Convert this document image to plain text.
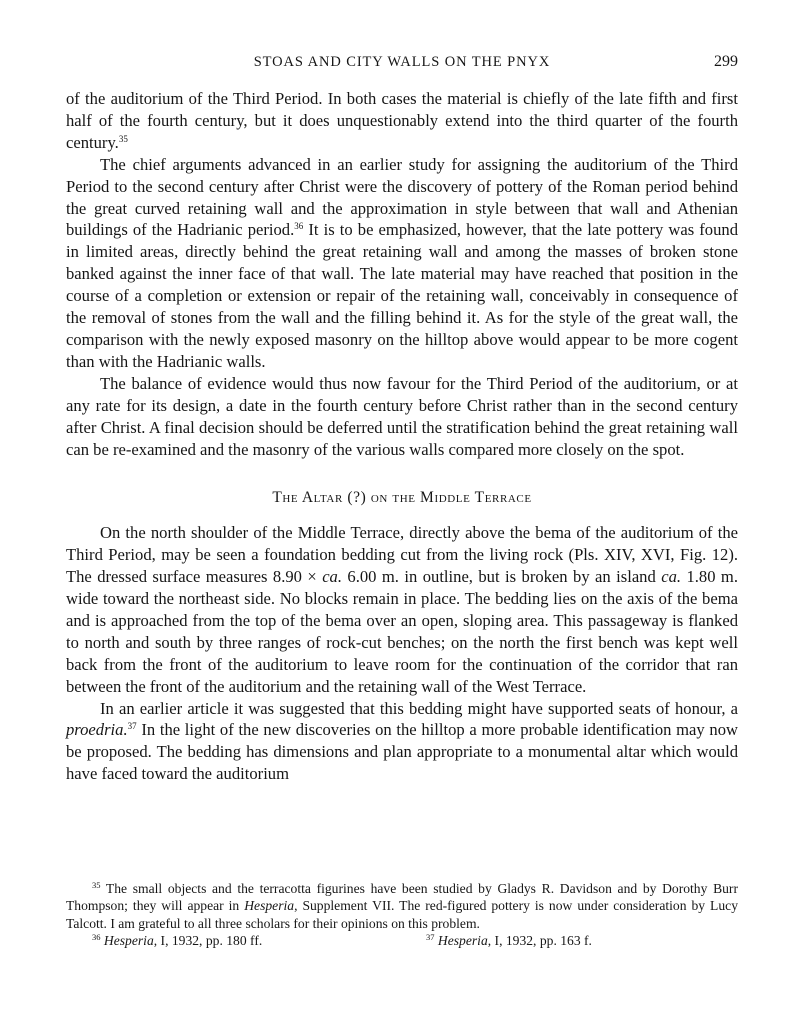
STOAS AND CITY WALLS ON THE PNYX	299

of the auditorium of the Third Period. In both cases the material is chiefly of the late fifth and first half of the fourth century, but it does unquestionably extend into the third quarter of the fourth century.$^{35}$

The chief arguments advanced in an earlier study for assigning the auditorium of the Third Period to the second century after Christ were the discovery of pottery of the Roman period behind the great curved retaining wall and the approximation in style between that wall and Athenian buildings of the Hadrianic period.$^{36}$ It is to be emphasized, however, that the late pottery was found in limited areas, directly behind the great retaining wall and among the masses of broken stone banked against the inner face of that wall. The late material may have reached that position in the course of a completion or extension or repair of the retaining wall, conceivably in consequence of the removal of stones from the wall and the filling behind it. As for the style of the great wall, the comparison with the newly exposed masonry on the hilltop above would appear to be more cogent than with the Hadrianic walls.

The balance of evidence would thus now favour for the Third Period of the auditorium, or at any rate for its design, a date in the fourth century before Christ rather than in the second century after Christ. A final decision should be deferred until the stratification behind the great retaining wall can be re-examined and the masonry of the various walls compared more closely on the spot.

The Altar (?) on the Middle Terrace

On the north shoulder of the Middle Terrace, directly above the bema of the auditorium of the Third Period, may be seen a foundation bedding cut from the living rock (Pls. XIV, XVI, Fig. 12). The dressed surface measures 8.90 × ca. 6.00 m. in outline, but is broken by an island ca. 1.80 m. wide toward the northeast side. No blocks remain in place. The bedding lies on the axis of the bema and is approached from the top of the bema over an open, sloping area. This passageway is flanked to north and south by three ranges of rock-cut benches; on the north the first bench was kept well back from the front of the auditorium to leave room for the continuation of the corridor that ran between the front of the auditorium and the retaining wall of the West Terrace.

In an earlier article it was suggested that this bedding might have supported seats of honour, a proedria.$^{37}$ In the light of the new discoveries on the hilltop a more probable identification may now be proposed. The bedding has dimensions and plan appropriate to a monumental altar which would have faced toward the auditorium

$^{35}$ The small objects and the terracotta figurines have been studied by Gladys R. Davidson and by Dorothy Burr Thompson; they will appear in Hesperia, Supplement VII. The red-figured pottery is now under consideration by Lucy Talcott. I am grateful to all three scholars for their opinions on this problem.

$^{36}$ Hesperia, I, 1932, pp. 180 ff.	$^{37}$ Hesperia, I, 1932, pp. 163 f.
